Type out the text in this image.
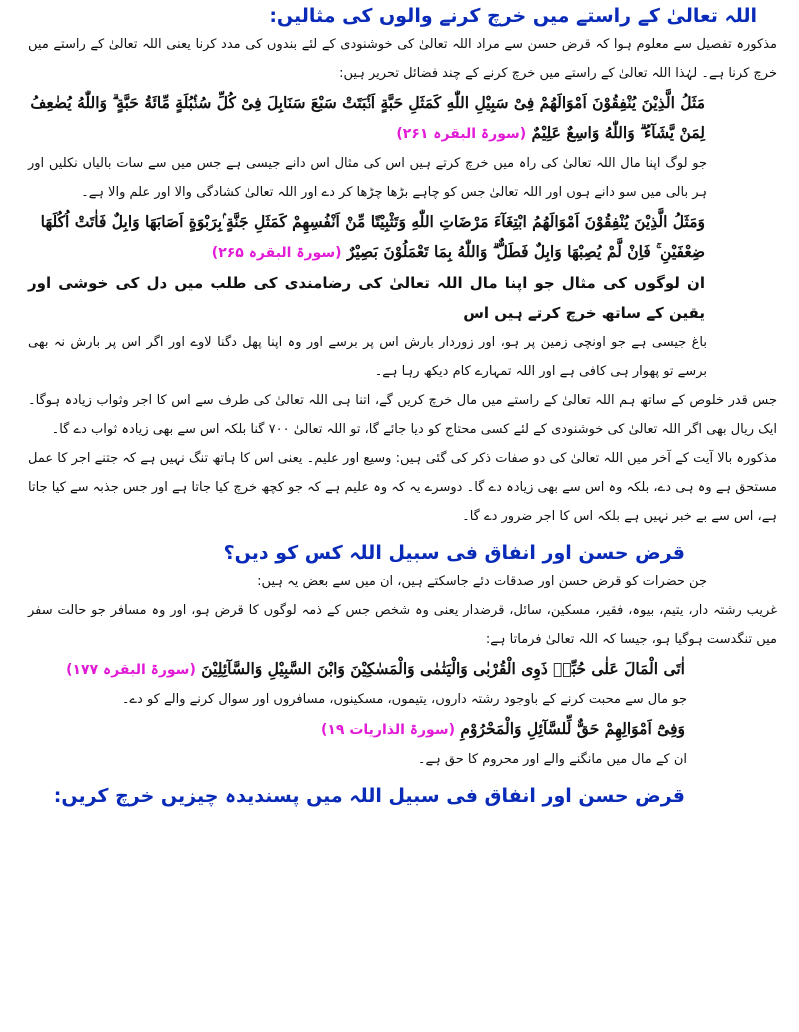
اللہ تعالیٰ کے راستے میں خرچ کرنے والوں کی مثالیں:

مذکورہ تفصیل سے معلوم ہوا کہ قرض حسن سے مراد اللہ تعالیٰ کی خوشنودی کے لئے بندوں کی مدد کرنا یعنی اللہ تعالیٰ کے راستے میں خرچ کرنا ہے۔ لہٰذا اللہ تعالیٰ کے راستے میں خرچ کرنے کے چند فضائل تحریر ہیں:

مَثَلُ الَّذِيْنَ يُنْفِقُوْنَ اَمْوَالَهُمْ فِىْ سَبِيْلِ اللّٰهِ كَمَثَلِ حَبَّةٍ اَنْۢبَتَتْ سَبْعَ سَنَابِلَ فِىْ كُلِّ سُنْۢبُلَةٍ مِّائَةُ حَبَّةٍ ۗ وَاللّٰهُ يُضٰعِفُ لِمَنْ يَّشَآءُ ۗ وَاللّٰهُ وَاسِعٌ عَلِيْمٌ (سورۃ البقرہ ۲۶۱)

جو لوگ اپنا مال اللہ تعالیٰ کی راہ میں خرچ کرتے ہیں اس کی مثال اس دانے جیسی ہے جس میں سے سات بالیاں نکلیں اور ہر بالی میں سو دانے ہوں اور اللہ تعالیٰ جس کو چاہے بڑھا چڑھا کر دے اور اللہ تعالیٰ کشادگی والا اور علم والا ہے۔

وَمَثَلُ الَّذِيْنَ يُنْفِقُوْنَ اَمْوَالَهُمُ ابْتِغَآءَ مَرْضَاتِ اللّٰهِ وَتَثْبِيْتًا مِّنْ اَنْفُسِهِمْ كَمَثَلِ جَنَّةٍ ۢبِرَبْوَةٍ اَصَابَهَا وَابِلٌ فَاٰتَتْ اُكُلَهَا ضِعْفَيْنِ ۚ فَاِنْ لَّمْ يُصِبْهَا وَابِلٌ فَطَلٌّ ۗ وَاللّٰهُ بِمَا تَعْمَلُوْنَ بَصِيْرٌ (سورۃ البقرہ ۲۶۵)

ان لوگوں کی مثال جو اپنا مال اللہ تعالیٰ کی رضامندی کی طلب میں دل کی خوشی اور یقین کے ساتھ خرچ کرتے ہیں اس

باغ جیسی ہے جو اونچی زمین پر ہو، اور زوردار بارش اس پر برسے اور وہ اپنا پھل دگنا لاوے اور اگر اس پر بارش نہ بھی برسے تو پھوار ہی کافی ہے اور اللہ تمہارے کام دیکھ رہا ہے۔

جس قدر خلوص کے ساتھ ہم اللہ تعالیٰ کے راستے میں مال خرچ کریں گے، اتنا ہی اللہ تعالیٰ کی طرف سے اس کا اجر وثواب زیادہ ہوگا۔ ایک ریال بھی اگر اللہ تعالیٰ کی خوشنودی کے لئے کسی محتاج کو دیا جائے گا، تو اللہ تعالیٰ ۷۰۰ گنا بلکہ اس سے بھی زیادہ ثواب دے گا۔

مذکورہ بالا آیت کے آخر میں اللہ تعالیٰ کی دو صفات ذکر کی گئی ہیں: وسیع اور علیم۔ یعنی اس کا ہاتھ تنگ نہیں ہے کہ جتنے اجر کا عمل مستحق ہے وہ ہی دے، بلکہ وہ اس سے بھی زیادہ دے گا۔ دوسرے یہ کہ وہ علیم ہے کہ جو کچھ خرچ کیا جاتا ہے اور جس جذبہ سے کیا جاتا ہے، اس سے بے خبر نہیں ہے بلکہ اس کا اجر ضرور دے گا۔

قرض حسن اور انفاق فی سبیل اللہ کس کو دیں؟

جن حضرات کو قرض حسن اور صدقات دئے جاسکتے ہیں، ان میں سے بعض یہ ہیں:

غریب رشتہ دار، یتیم، بیوہ، فقیر، مسکین، سائل، قرضدار یعنی وہ شخص جس کے ذمہ لوگوں کا قرض ہو، اور وہ مسافر جو حالت سفر میں تنگدست ہوگیا ہو، جیسا کہ اللہ تعالیٰ فرماتا ہے:

اٰتَى الْمَالَ عَلٰى حُبِّهٖ ذَوِى الْقُرْبٰى وَالْيَتٰمٰى وَالْمَسٰكِيْنَ وَابْنَ السَّبِيْلِ وَالسَّآئِلِيْنَ (سورۃ البقرہ ۱۷۷)

جو مال سے محبت کرنے کے باوجود رشتہ داروں، یتیموں، مسکینوں، مسافروں اور سوال کرنے والے کو دے۔

وَفِىْٓ اَمْوَالِهِمْ حَقٌّ لِّلسَّآئِلِ وَالْمَحْرُوْمِ (سورۃ الذاریات ۱۹)

ان کے مال میں مانگنے والے اور محروم کا حق ہے۔

قرض حسن اور انفاق فی سبیل اللہ میں پسندیدہ چیزیں خرچ کریں:
